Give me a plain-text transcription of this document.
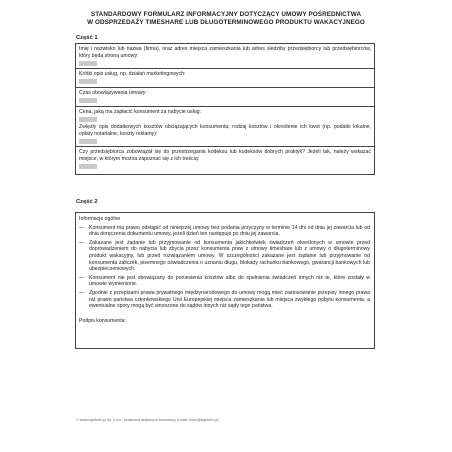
STANDARDOWY FORMULARZ INFORMACYJNY DOTYCZĄCY UMOWY POŚREDNICTWA
W ODSPRZEDAŻY TIMESHARE LUB DŁUGOTERMINOWEGO PRODUKTU WAKACYJNEGO
Część 1
Imię i nazwisko lub nazwa (firma), oraz adres miejsca zamieszkania lub adres siedziby przedsiębiorcy lub przedsiębiorców, który będą stroną umowy:
Krótki opis usług, np. działań marketingowych:
Czas obowiązywania umowy:
Cena, jaką ma zapłacić konsument za nabycie usług:
Zwięzły opis dodatkowych kosztów obciążających konsumenta; rodzaj kosztów i określenie ich kwot (np. podatki lokalne, opłaty notarialne, koszty reklamy):
Czy przedsiębiorca zobowiązał się do przestrzegania kodeksu lub kodeksów dobrych praktyk? Jeżeli tak, należy wskazać miejsce, w którym można zapoznać się z ich treścią:
Część 2
Informacje ogólne
— Konsument ma prawo odstąpić od niniejszej umowy bez podania przyczyny w terminie 14 dni od dnia jej zawarcia lub od dnia doręczenia dokumentu umowy, jeżeli dzień ten następuje po dniu jej zawarcia.
— Zakazane jest żądanie lub przyjmowanie od konsumenta jakichkolwiek świadczeń określonych w umowie przed doprowadzeniem do nabycia lub zbycia przez konsumenta praw z umowy timeshare lub z umowy o długoterminowy produkt wakacyjny, lub przed rozwiązaniem umowy. W szczególności zakazane jest żądanie lub przyjmowanie od konsumenta zaliczek, pisemnego oświadczenia o uznaniu długu, blokady rachunku bankowego, gwarancji bankowych lub ubezpieczeniowych.
— Konsument nie jest obowiązany do poniesienia kosztów albo do spełnienia świadczeń innych niż te, które zostały w umowie wymienione.
— Zgodnie z przepisami prawa prywatnego międzynarodowego do umowy mogą mieć zastosowanie przepisy innego prawa niż prawo państwa członkowskiego Unii Europejskiej miejsca zamieszkania lub miejsca zwykłego pobytu konsumenta, a ewentualne spory mogą być wnoszone do sądów innych niż sądy tego państwa.
Podpis konsumenta:
© www.signform.pl Sp. z o.o., producent aktywnych formularzy, e-mail: biuro@signform.pl
